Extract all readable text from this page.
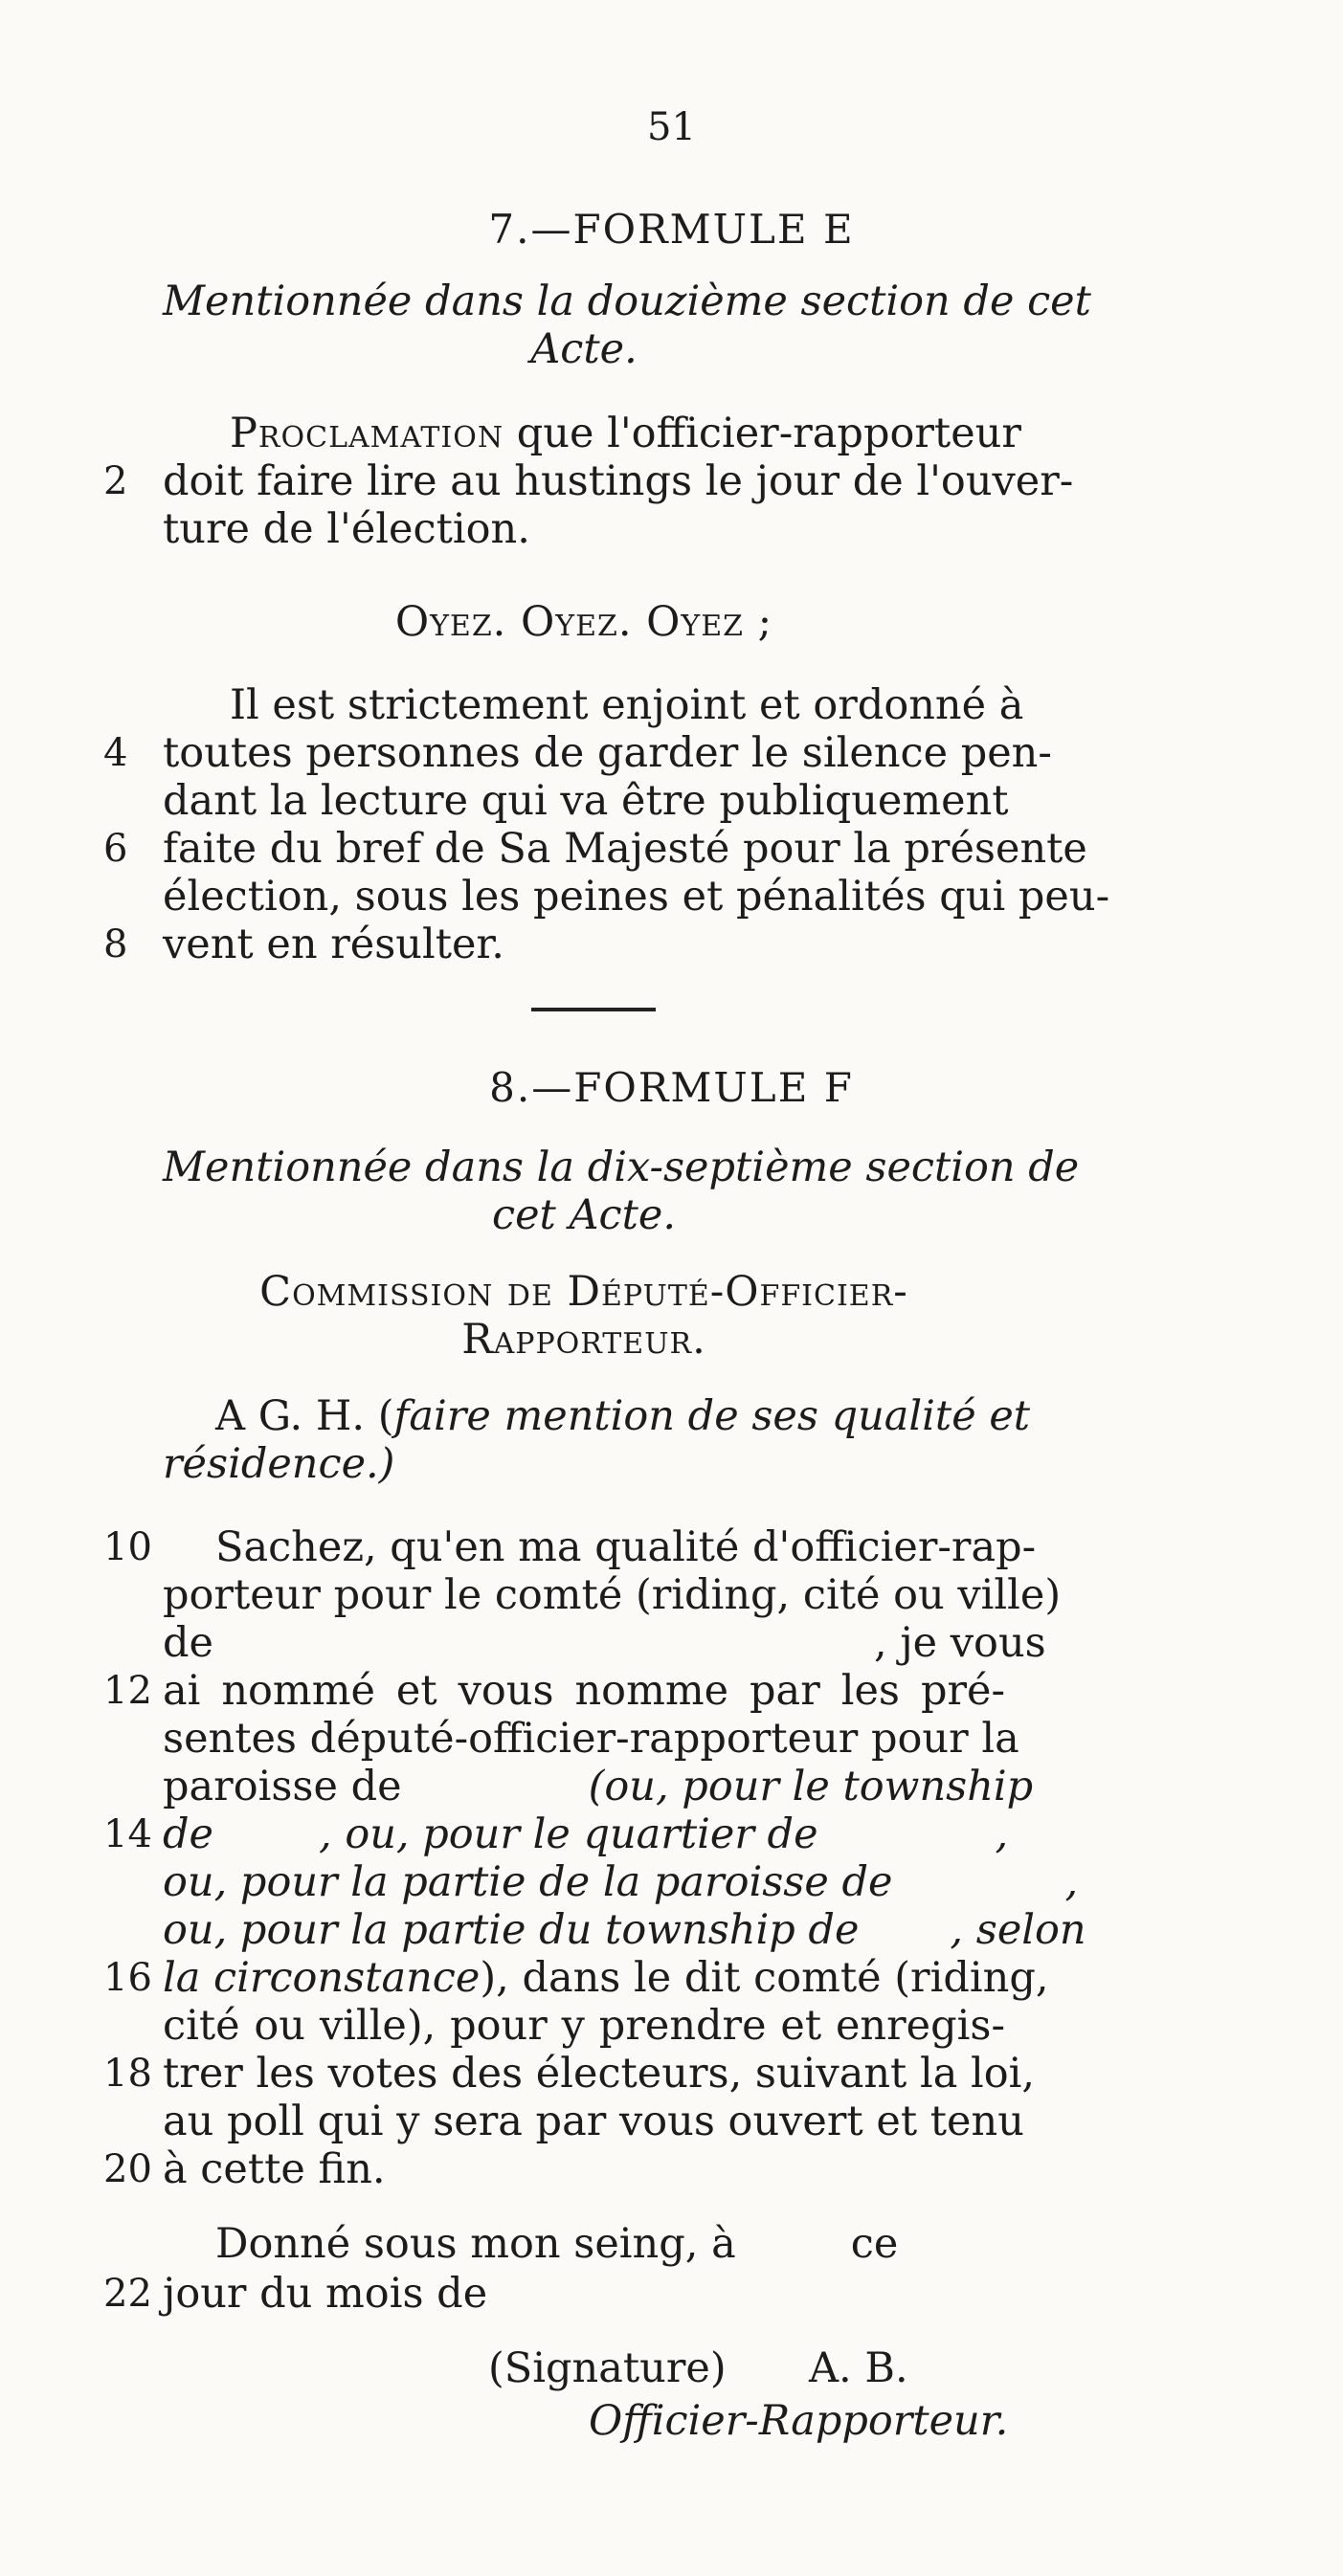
51
7.—FORMULE E
Mentionnée dans la douzième section de cet
Acte.
Proclamation que l'officier-rapporteur
2 doit faire lire au hustings le jour de l'ouver-
ture de l'élection.
Oyez. Oyez. Oyez ;
Il est strictement enjoint et ordonné à
4 toutes personnes de garder le silence pen-
dant la lecture qui va être publiquement
6 faite du bref de Sa Majesté pour la présente
élection, sous les peines et pénalités qui peu-
8 vent en résulter.
8.—FORMULE F
Mentionnée dans la dix-septième section de
cet Acte.
Commission de Député-Officier-
Rapporteur.
A G. H. (faire mention de ses qualité et
résidence.)
10	Sachez, qu'en ma qualité d'officier-rap-
porteur pour le comté (riding, cité ou ville)
de	, je vous
12 ai nommé et vous nomme par les pré-
sentes député-officier-rapporteur pour la
paroisse de	(ou, pour le township
14 de	, ou, pour le quartier de	,
ou, pour la partie de la paroisse de	,
ou, pour la partie du township de , selon
16 la circonstance), dans le dit comté (riding,
cité ou ville), pour y prendre et enregis-
18 trer les votes des électeurs, suivant la loi,
au poll qui y sera par vous ouvert et tenu
20 à cette fin.
Donné sous mon seing, à	ce
22 jour du mois de
(Signature) A. B.
Officier-Rapporteur.
